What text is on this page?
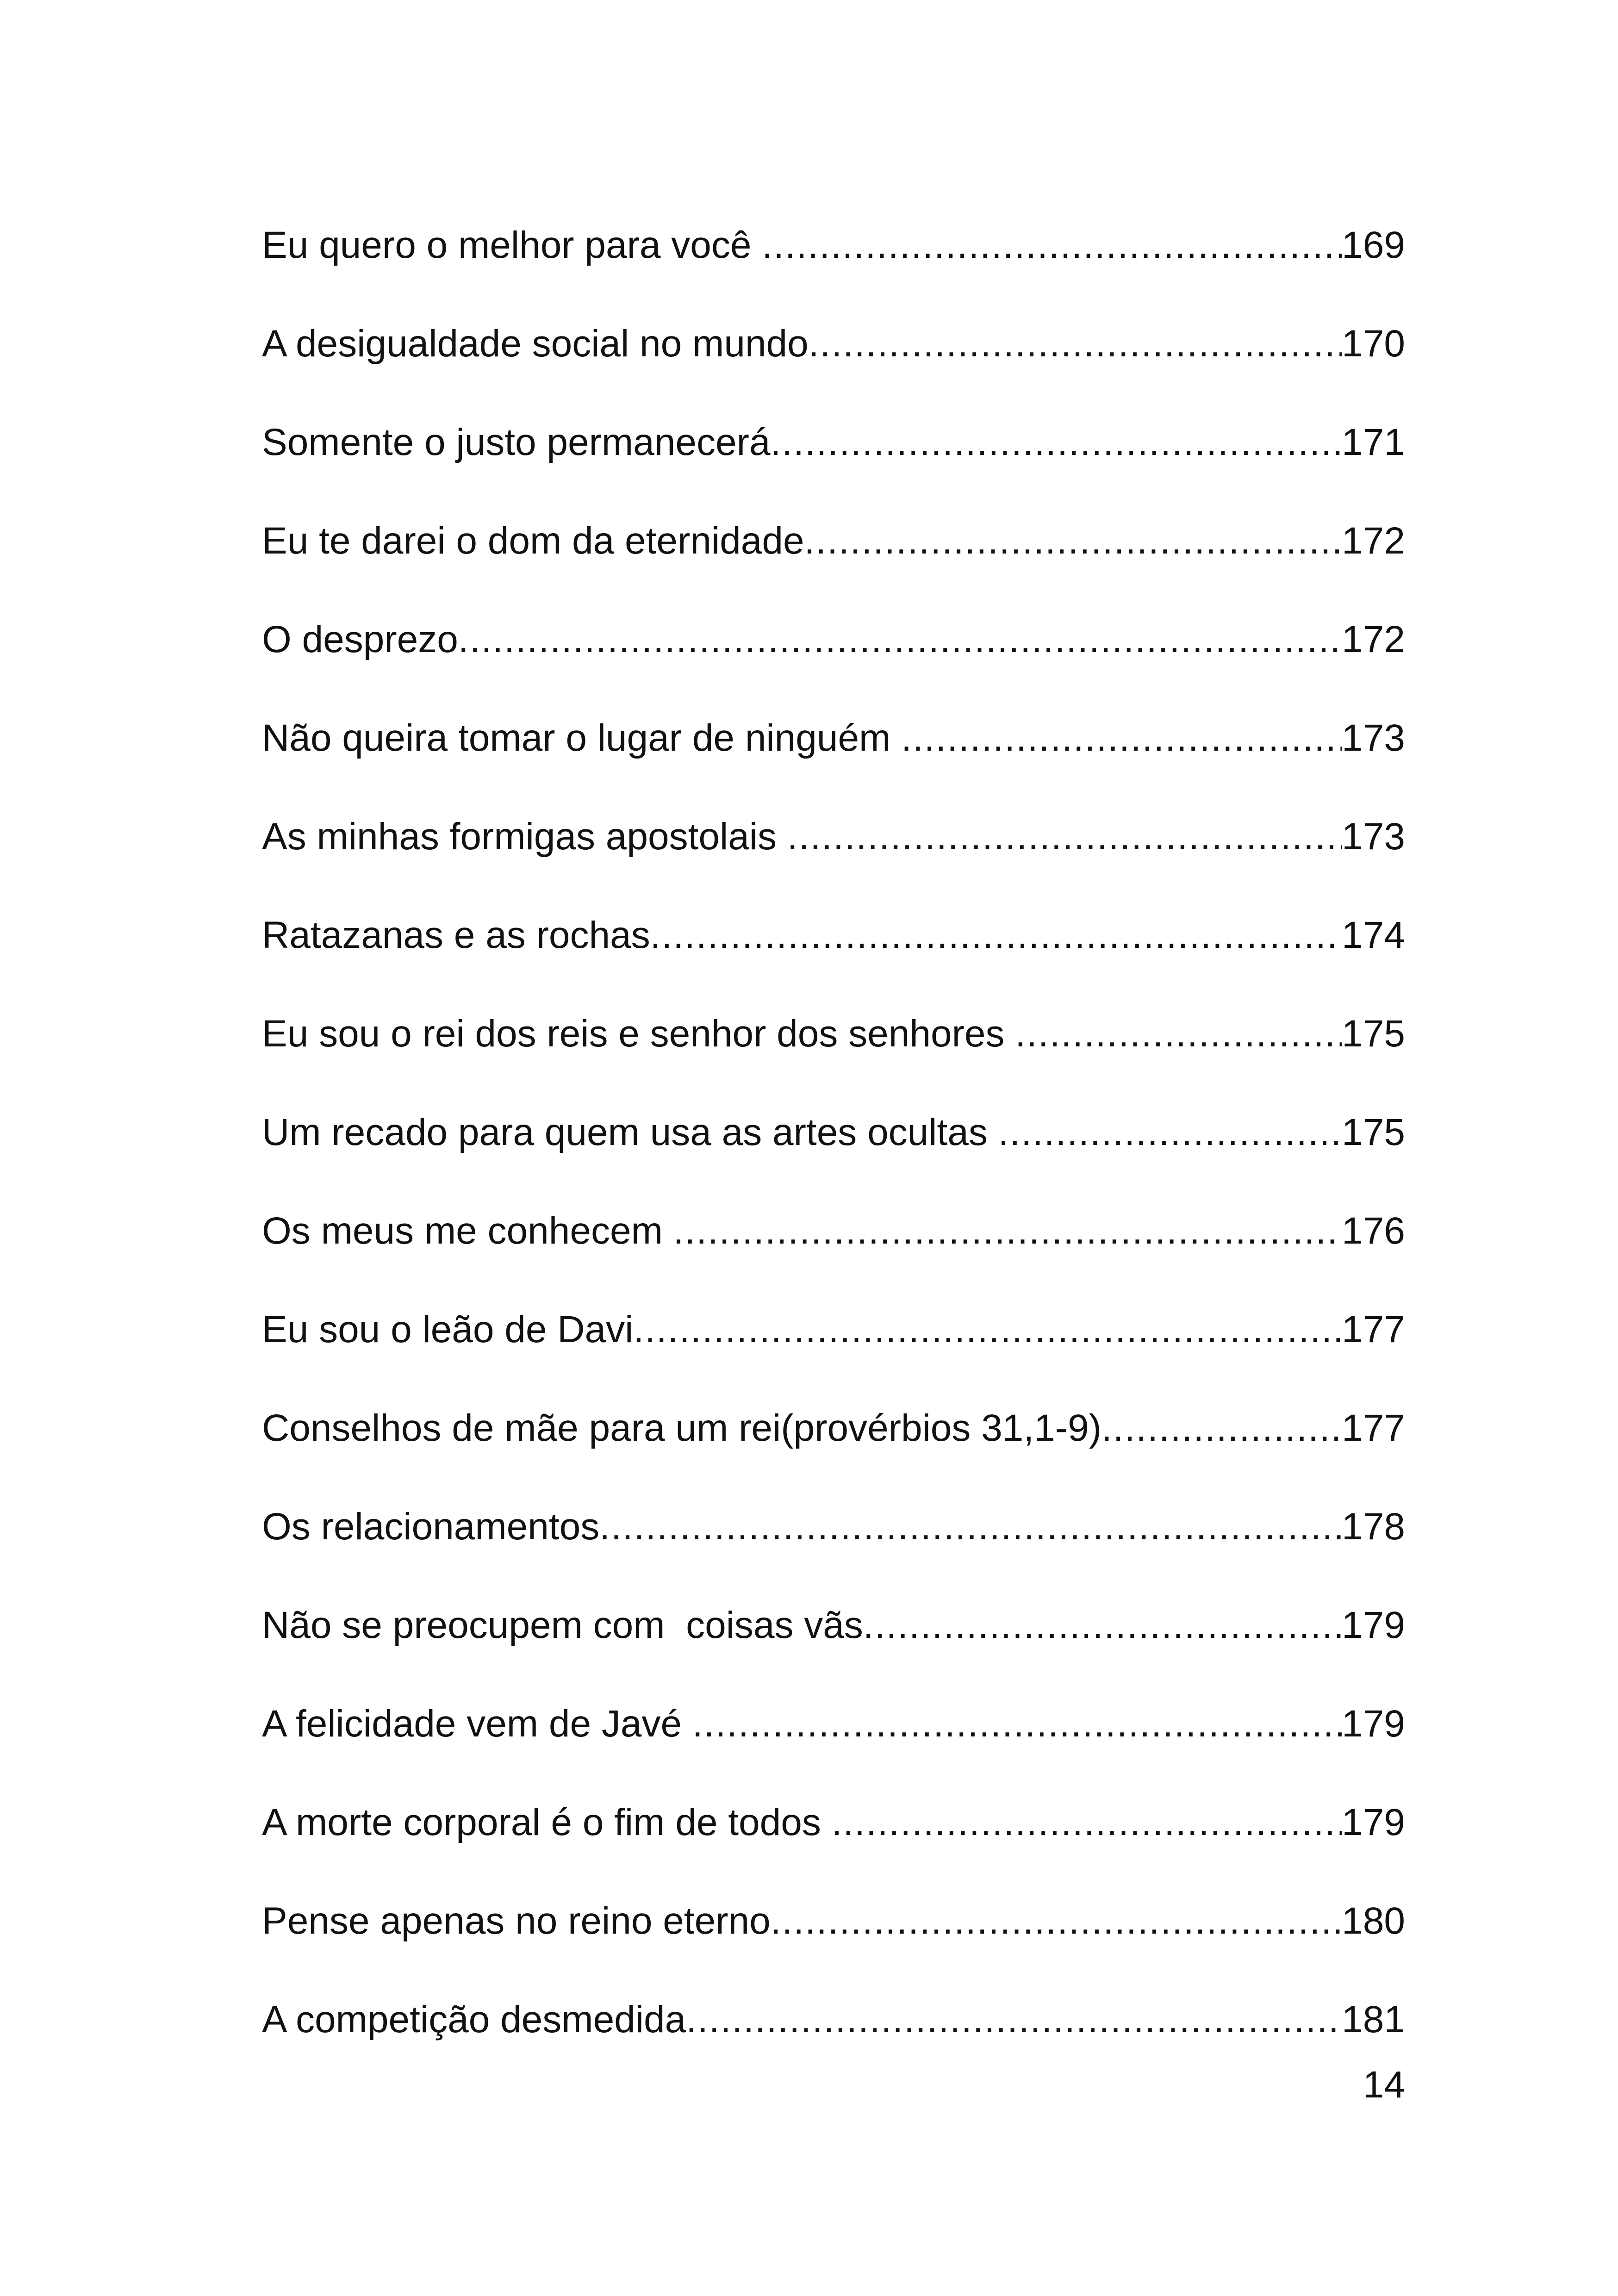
Eu quero o melhor para você .....	169
A desigualdade social no mundo .....	170
Somente o justo permanecerá .....	171
Eu te darei o dom da eternidade .....	172
O desprezo .....	172
Não queira tomar o lugar de ninguém .....	173
As minhas formigas apostolais .....	173
Ratazanas e as rochas .....	174
Eu sou o rei dos reis e senhor dos senhores .....	175
Um recado para quem usa as artes ocultas .....	175
Os meus me conhecem .....	176
Eu sou o leão de Davi .....	177
Conselhos de mãe para um rei(provérbios 31,1-9) .....	177
Os relacionamentos .....	178
Não se preocupem com  coisas vãs .....	179
A felicidade vem de Javé .....	179
A morte corporal é o fim de todos .....	179
Pense apenas no reino eterno .....	180
A competição desmedida .....	181
14
